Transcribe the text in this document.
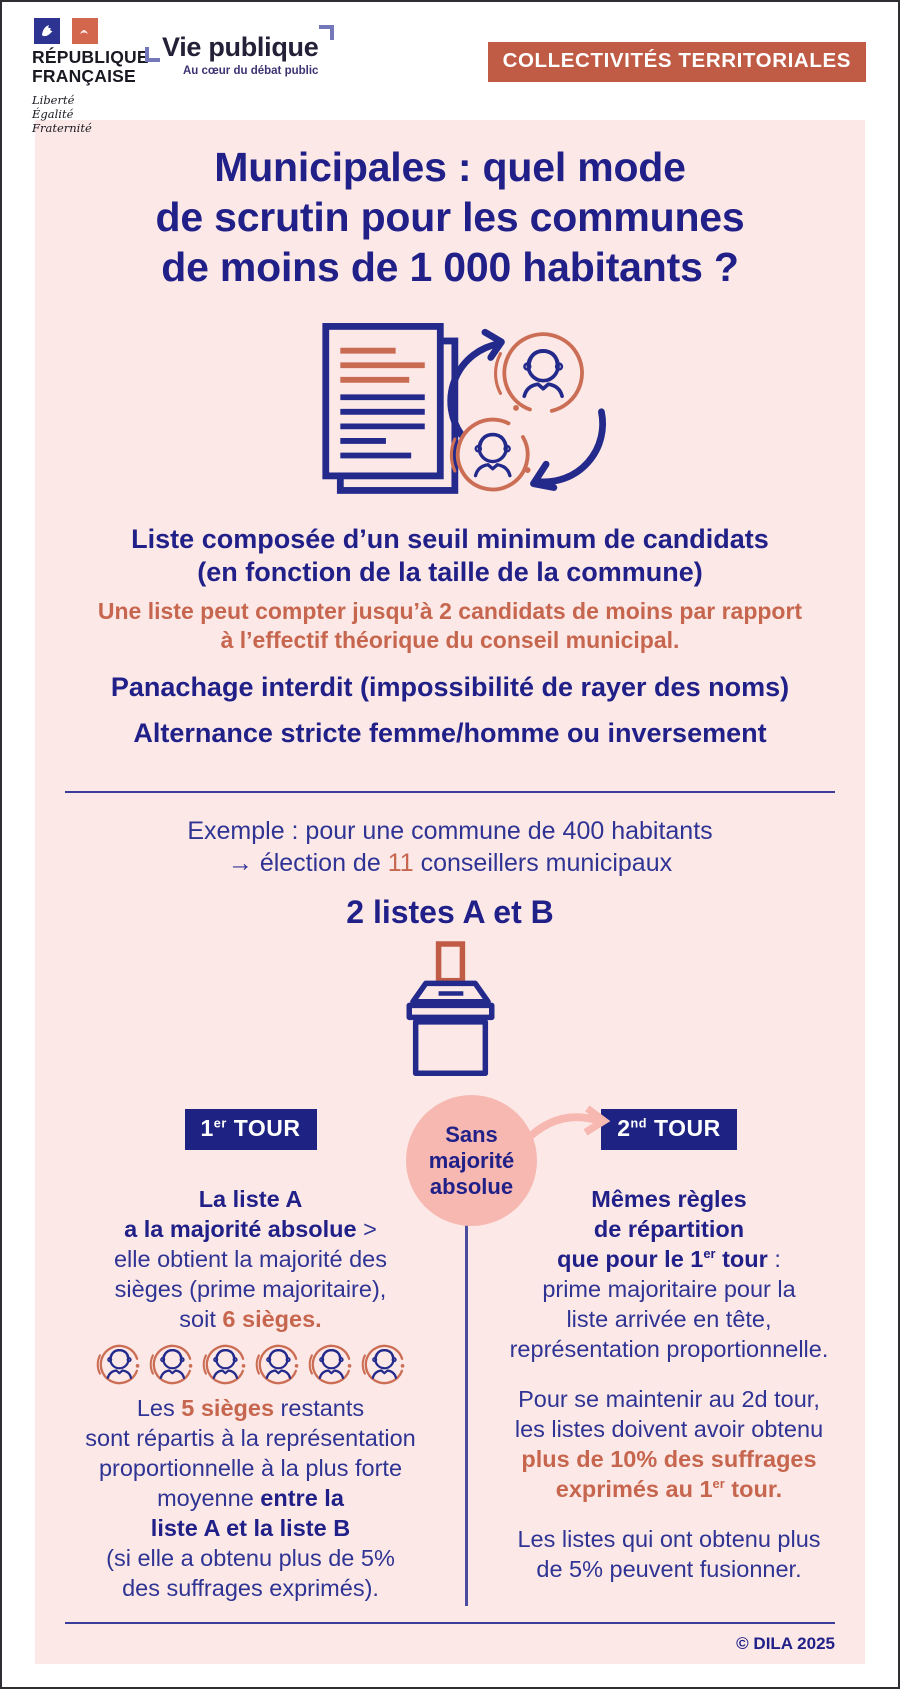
RÉPUBLIQUE
FRANÇAISE
Liberté
Égalité
Fraternité
Vie publique
Au cœur du débat public	COLLECTIVITÉS TERRITORIALES
Municipales : quel mode
de scrutin pour les communes
de moins de 1 000 habitants ?
Liste composée d’un seuil minimum de candidats
(en fonction de la taille de la commune)
Une liste peut compter jusqu’à 2 candidats de moins par rapport
à l’effectif théorique du conseil municipal.
Panachage interdit (impossibilité de rayer des noms)
Alternance stricte femme/homme ou inversement
Exemple : pour une commune de 400 habitants
→ élection de 11 conseillers municipaux
2 listes A et B
1er TOUR

La liste A
a la majorité absolue >
elle obtient la majorité des
sièges (prime majoritaire),
soit 6 sièges.

Les 5 sièges restants
sont répartis à la représentation
proportionnelle à la plus forte
moyenne entre la
liste A et la liste B
(si elle a obtenu plus de 5%
des suffrages exprimés).

2nd TOUR

Mêmes règles
de répartition
que pour le 1er tour :
prime majoritaire pour la
liste arrivée en tête,
représentation proportionnelle.

Pour se maintenir au 2d tour,
les listes doivent avoir obtenu
plus de 10% des suffrages
exprimés au 1er tour.

Les listes qui ont obtenu plus
de 5% peuvent fusionner.

Sans
majorité
absolue
© DILA 2025
